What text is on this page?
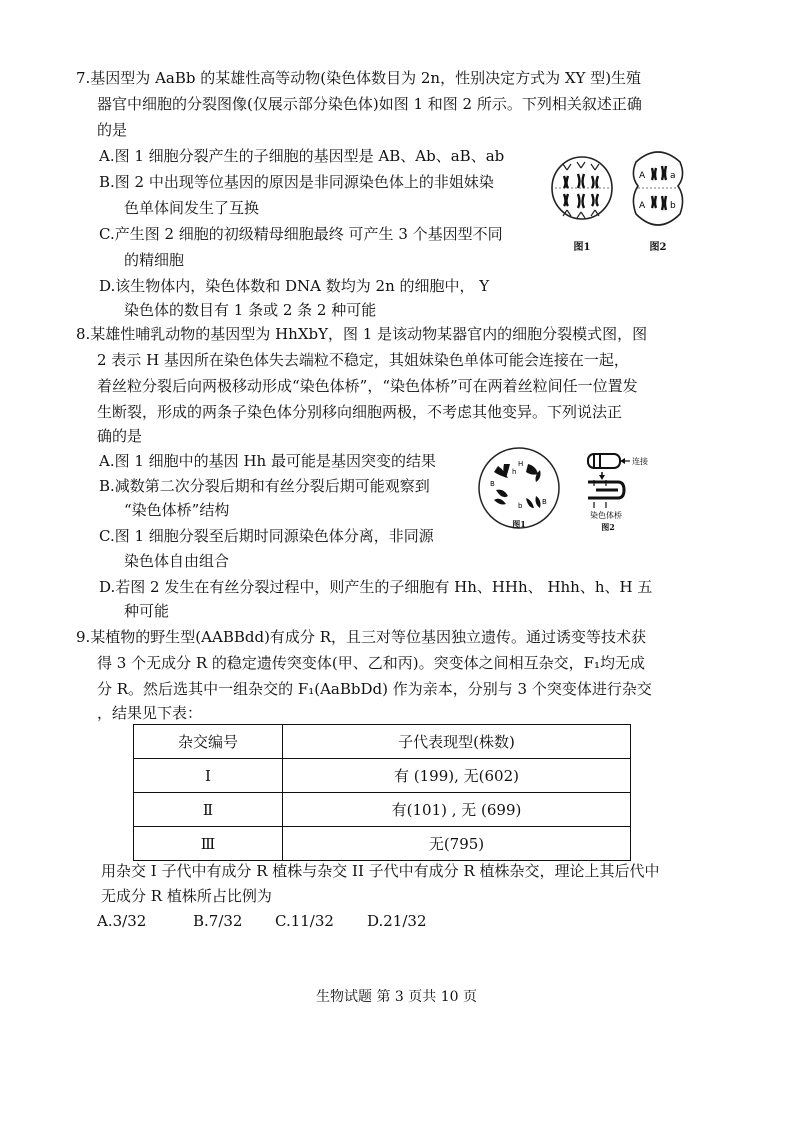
7.基因型为 AaBb 的某雄性高等动物(染色体数目为 2n，性别决定方式为 XY 型)生殖
器官中细胞的分裂图像(仅展示部分染色体)如图 1 和图 2 所示。下列相关叙述正确
的是
A.图 1 细胞分裂产生的子细胞的基因型是 AB、Ab、aB、ab
B.图 2 中出现等位基因的原因是非同源染色体上的非姐妹染
色单体间发生了互换
C.产生图 2 细胞的初级精母细胞最终 可产生 3 个基因型不同
的精细胞
D.该生物体内，染色体数和 DNA 数均为 2n 的细胞中， Y
染色体的数目有 1 条或 2 条 2 种可能
图1
A	a
A	b
图2
8.某雄性哺乳动物的基因型为 HhXbY，图 1 是该动物某器官内的细胞分裂模式图，图
2 表示 H 基因所在染色体失去端粒不稳定，其姐妹染色单体可能会连接在一起，
着丝粒分裂后向两极移动形成“染色体桥”，“染色体桥”可在两着丝粒间任一位置发
生断裂，形成的两条子染色体分别移向细胞两极，不考虑其他变异。下列说法正
确的是
A.图 1 细胞中的基因 Hh 最可能是基因突变的结果
B.减数第二次分裂后期和有丝分裂后期可能观察到
“染色体桥”结构
C.图 1 细胞分裂至后期时同源染色体分离，非同源
染色体自由组合
D.若图 2 发生在有丝分裂过程中，则产生的子细胞有 Hh、HHh、 Hhh、h、H 五
种可能
H
h
B
b	B
图1
连接
染色体桥
图2
9.某植物的野生型(AABBdd)有成分 R，且三对等位基因独立遗传。通过诱变等技术获
得 3 个无成分 R 的稳定遗传突变体(甲、乙和丙)。突变体之间相互杂交，F₁均无成
分 R。然后选其中一组杂交的 F₁(AaBbDd) 作为亲本，分别与 3 个突变体进行杂交
，结果见下表：
杂交编号	子代表现型(株数)
I	有 (199), 无(602)
Ⅱ	有(101) , 无 (699)
Ⅲ	无(795)
用杂交 I 子代中有成分 R 植株与杂交 II 子代中有成分 R 植株杂交，理论上其后代中
无成分 R 植株所占比例为
A.3/32	B.7/32 C.11/32 D.21/32
生物试题 第 3 页共 10 页
